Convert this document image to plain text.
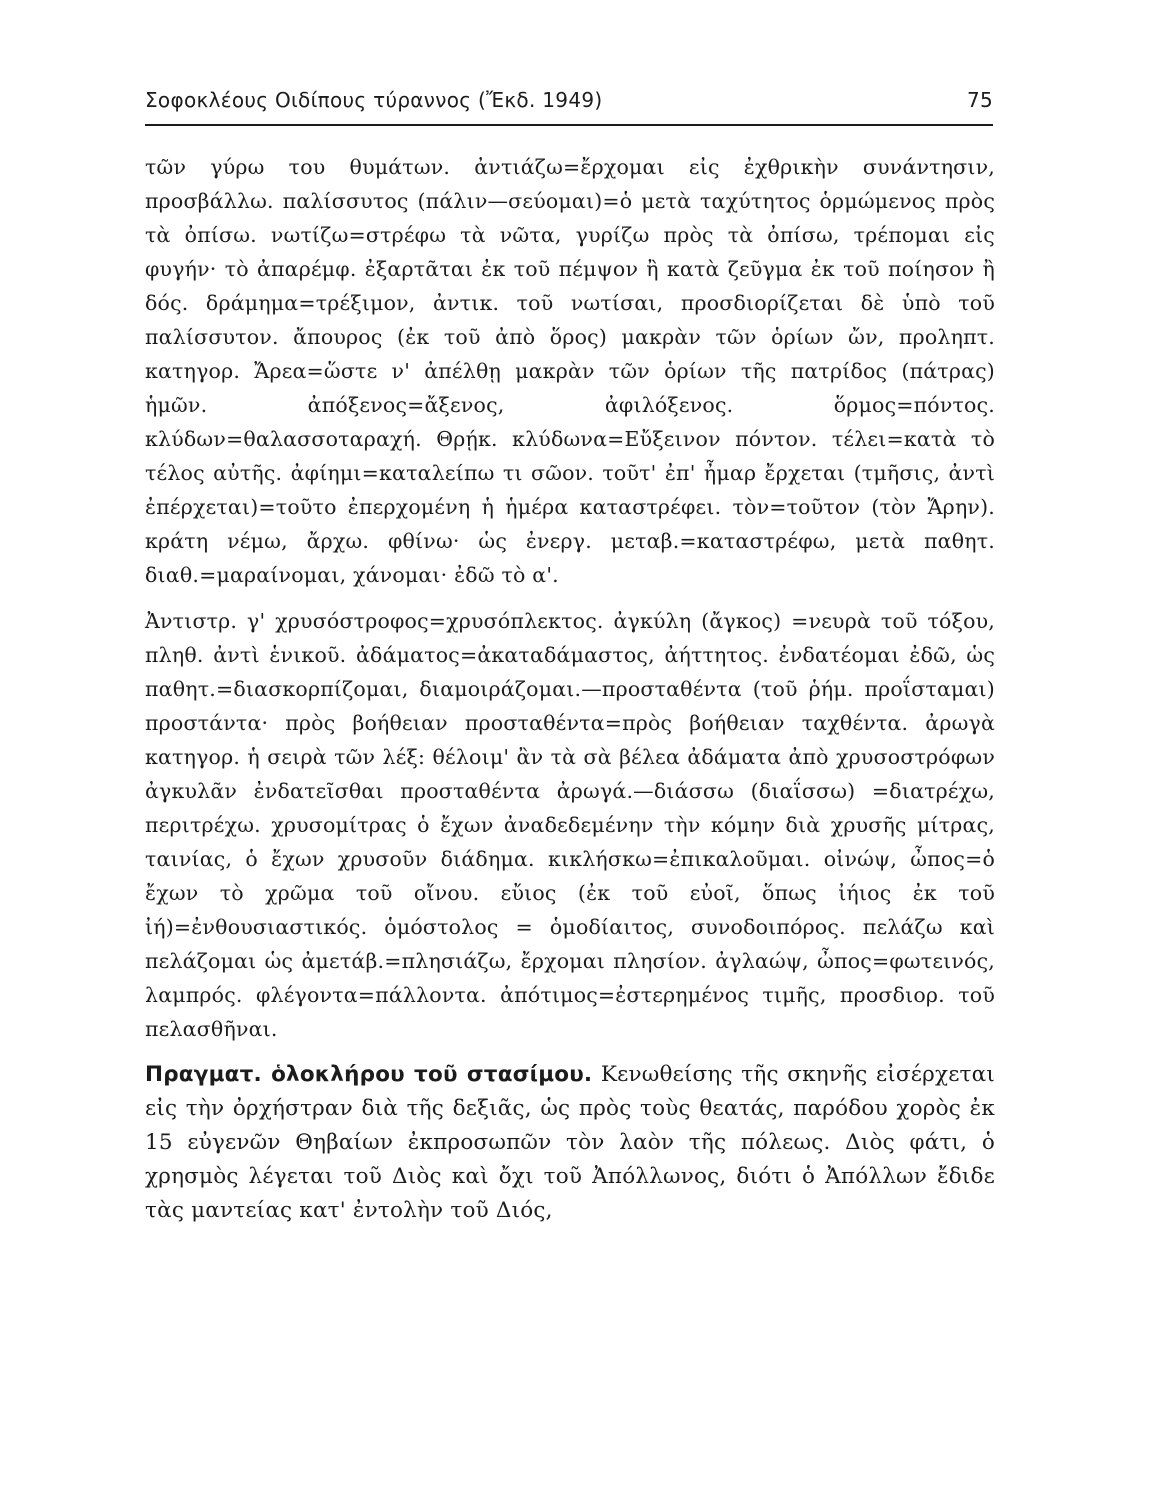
Σοφοκλέους Οιδίπους τύραννος (Ἔκδ. 1949)	75

τῶν γύρω του θυμάτων. ἀντιάζω=ἔρχομαι εἰς ἐχθρικὴν συνάντησιν, προσβάλλω. παλίσσυτος (πάλιν—σεύομαι)=ὁ μετὰ ταχύτητος ὁρμώμενος πρὸς τὰ ὀπίσω. νωτίζω=στρέφω τὰ νῶτα, γυρίζω πρὸς τὰ ὀπίσω, τρέπομαι εἰς φυγήν· τὸ ἀπαρέμφ. ἐξαρτᾶται ἐκ τοῦ πέμψον ἢ κατὰ ζεῦγμα ἐκ τοῦ ποίησον ἢ δός. δράμημα=τρέξιμον, ἀντικ. τοῦ νωτίσαι, προσδιορίζεται δὲ ὑπὸ τοῦ παλίσσυτον. ἄπουρος (ἐκ τοῦ ἀπὸ ὅρος) μακρὰν τῶν ὁρίων ὤν, προληπτ. κατηγορ. Ἄρεα=ὥστε ν' ἀπέλθῃ μακρὰν τῶν ὁρίων τῆς πατρίδος (πάτρας) ἡμῶν. ἀπόξενος=ἄξενος, ἀφιλόξενος. ὅρμος=πόντος. κλύδων=θαλασσοταραχή. Θρῄκ. κλύδωνα=Εὔξεινον πόντον. τέλει=κατὰ τὸ τέλος αὐτῆς. ἀφίημι=καταλείπω τι σῶον. τοῦτ' ἐπ' ἦμαρ ἔρχεται (τμῆσις, ἀντὶ ἐπέρχεται)=τοῦτο ἐπερχομένη ἡ ἡμέρα καταστρέφει. τὸν=τοῦτον (τὸν Ἄρην). κράτη νέμω, ἄρχω. φθίνω· ὡς ἐνεργ. μεταβ.=καταστρέφω, μετὰ παθητ. διαθ.=μαραίνομαι, χάνομαι· ἐδῶ τὸ α'.

Ἀντιστρ. γ' χρυσόστροφος=χρυσόπλεκτος. ἀγκύλη (ἄγκος) =νευρὰ τοῦ τόξου, πληθ. ἀντὶ ἑνικοῦ. ἀδάματος=ἀκαταδάμαστος, ἀήττητος. ἐνδατέομαι ἐδῶ, ὡς παθητ.=διασκορπίζομαι, διαμοιράζομαι.—προσταθέντα (τοῦ ῥήμ. προΐσταμαι) προστάντα· πρὸς βοήθειαν προσταθέντα=πρὸς βοήθειαν ταχθέντα. ἀρωγὰ κατηγορ. ἡ σειρὰ τῶν λέξ: θέλοιμ' ἂν τὰ σὰ βέλεα ἀδάματα ἀπὸ χρυσοστρόφων ἀγκυλᾶν ἐνδατεῖσθαι προσταθέντα ἀρωγά.—διάσσω (διαΐσσω) =διατρέχω, περιτρέχω. χρυσομίτρας ὁ ἔχων ἀναδεδεμένην τὴν κόμην διὰ χρυσῆς μίτρας, ταινίας, ὁ ἔχων χρυσοῦν διάδημα. κικλήσκω=ἐπικαλοῦμαι. οἰνώψ, ὦπος=ὁ ἔχων τὸ χρῶμα τοῦ οἴνου. εὔιος (ἐκ τοῦ εὐοῖ, ὅπως ἰήιος ἐκ τοῦ ἰή)=ἐνθουσιαστικός. ὁμόστολος = ὁμοδίαιτος, συνοδοιπόρος. πελάζω καὶ πελάζομαι ὡς ἀμετάβ.=πλησιάζω, ἔρχομαι πλησίον. ἀγλαώψ, ὦπος=φωτεινός, λαμπρός. φλέγοντα=πάλλοντα. ἀπότιμος=ἐστερημένος τιμῆς, προσδιορ. τοῦ πελασθῆναι.

Πραγματ. ὁλοκλήρου τοῦ στασίμου. Κενωθείσης τῆς σκηνῆς εἰσέρχεται εἰς τὴν ὀρχήστραν διὰ τῆς δεξιᾶς, ὡς πρὸς τοὺς θεατάς, παρόδου χορὸς ἐκ 15 εὐγενῶν Θηβαίων ἐκπροσωπῶν τὸν λαὸν τῆς πόλεως. Διὸς φάτι, ὁ χρησμὸς λέγεται τοῦ Διὸς καὶ ὄχι τοῦ Ἀπόλλωνος, διότι ὁ Ἀπόλλων ἔδιδε τὰς μαντείας κατ' ἐντολὴν τοῦ Διός,
